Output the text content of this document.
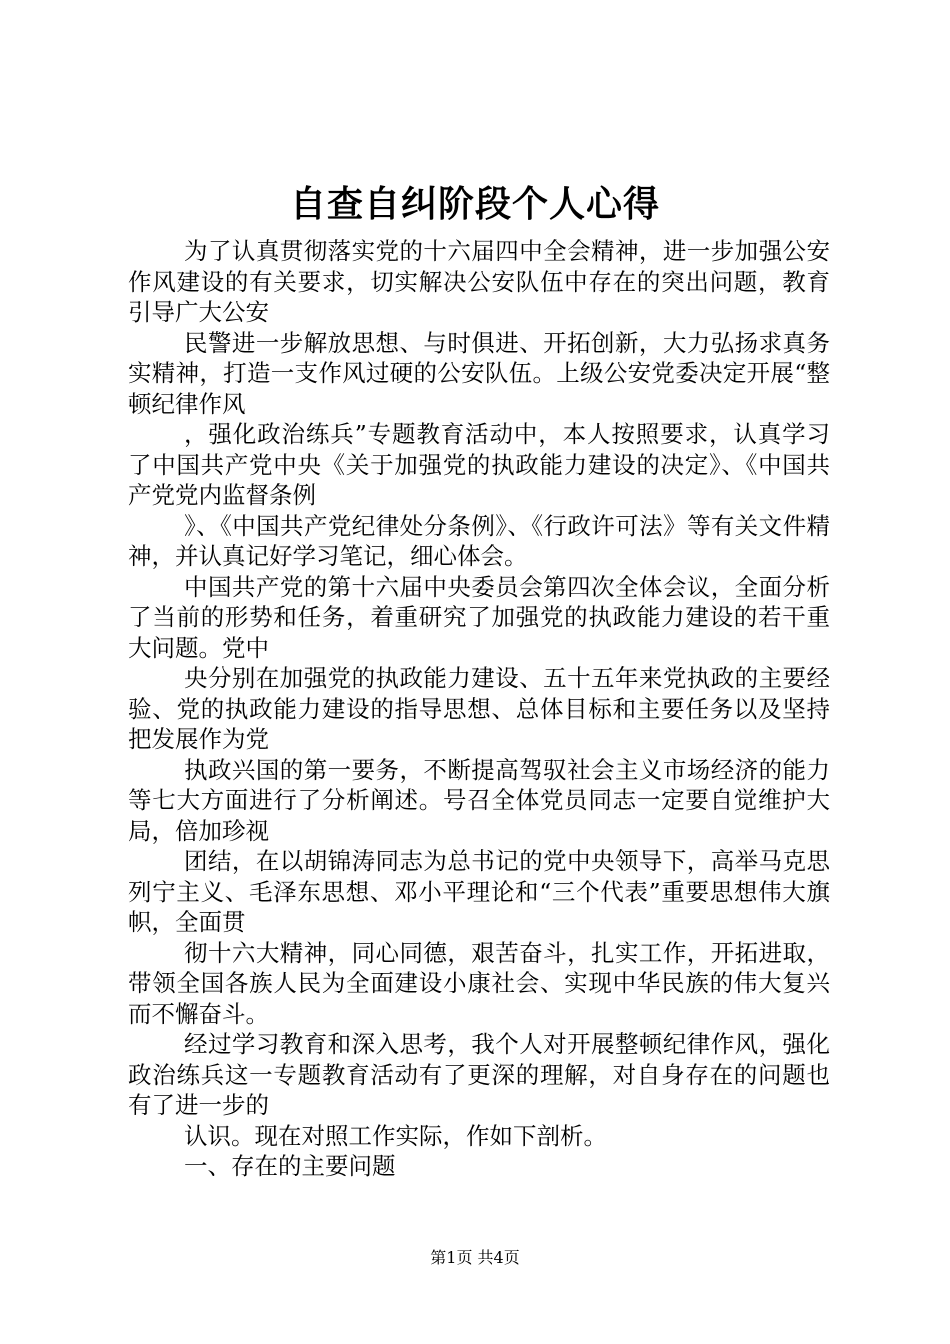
自查自纠阶段个人心得

为了认真贯彻落实党的十六届四中全会精神，进一步加强公安作风建设的有关要求，切实解决公安队伍中存在的突出问题，教育引导广大公安

民警进一步解放思想、与时俱进、开拓创新，大力弘扬求真务实精神，打造一支作风过硬的公安队伍。上级公安党委决定开展“整顿纪律作风

，强化政治练兵”专题教育活动中，本人按照要求，认真学习了中国共产党中央《关于加强党的执政能力建设的决定》、《中国共产党党内监督条例

》、《中国共产党纪律处分条例》、《行政许可法》等有关文件精神，并认真记好学习笔记，细心体会。

中国共产党的第十六届中央委员会第四次全体会议，全面分析了当前的形势和任务，着重研究了加强党的执政能力建设的若干重大问题。党中

央分别在加强党的执政能力建设、五十五年来党执政的主要经验、党的执政能力建设的指导思想、总体目标和主要任务以及坚持把发展作为党

执政兴国的第一要务，不断提高驾驭社会主义市场经济的能力等七大方面进行了分析阐述。号召全体党员同志一定要自觉维护大局，倍加珍视

团结，在以胡锦涛同志为总书记的党中央领导下，高举马克思列宁主义、毛泽东思想、邓小平理论和“三个代表”重要思想伟大旗帜，全面贯

彻十六大精神，同心同德，艰苦奋斗，扎实工作，开拓进取，带领全国各族人民为全面建设小康社会、实现中华民族的伟大复兴而不懈奋斗。

经过学习教育和深入思考，我个人对开展整顿纪律作风，强化政治练兵这一专题教育活动有了更深的理解，对自身存在的问题也有了进一步的

认识。现在对照工作实际，作如下剖析。

一、存在的主要问题

第1页 共4页
